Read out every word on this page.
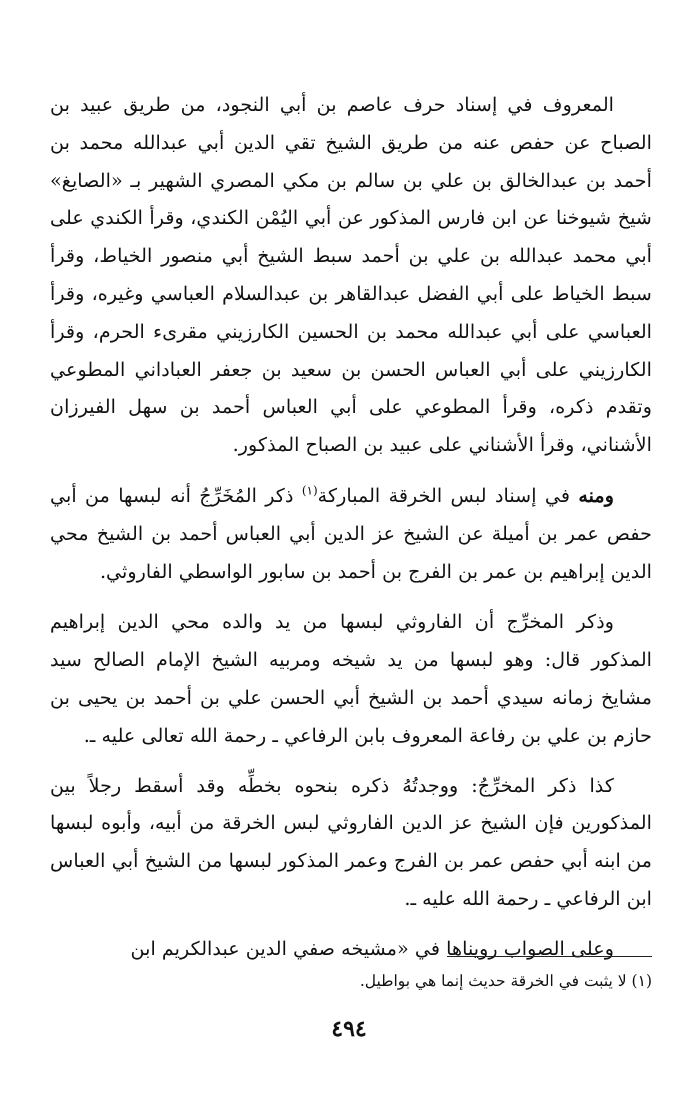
المعروف في إسناد حرف عاصم بن أبي النجود، من طريق عبيد بن الصباح عن حفص عنه من طريق الشيخ تقي الدين أبي عبدالله محمد بن أحمد بن عبدالخالق بن علي بن سالم بن مكي المصري الشهير بـ «الصايغ» شيخ شيوخنا عن ابن فارس المذكور عن أبي اليُمْن الكندي، وقرأ الكندي على أبي محمد عبدالله بن علي بن أحمد سبط الشيخ أبي منصور الخياط، وقرأ سبط الخياط على أبي الفضل عبدالقاهر بن عبدالسلام العباسي وغيره، وقرأ العباسي على أبي عبدالله محمد بن الحسين الكارزيني مقرىء الحرم، وقرأ الكارزيني على أبي العباس الحسن بن سعيد بن جعفر العباداني المطوعي وتقدم ذكره، وقرأ المطوعي على أبي العباس أحمد بن سهل الفيرزان الأشناني، وقرأ الأشناني على عبيد بن الصباح المذكور.

ومنه في إسناد لبس الخرقة المباركة$^{(١)}$ ذكر المُخَرِّجُ أنه لبسها من أبي حفص عمر بن أميلة عن الشيخ عز الدين أبي العباس أحمد بن الشيخ محي الدين إبراهيم بن عمر بن الفرج بن أحمد بن سابور الواسطي الفاروثي.

وذكر المخرِّج أن الفاروثي لبسها من يد والده محي الدين إبراهيم المذكور قال: وهو لبسها من يد شيخه ومربيه الشيخ الإمام الصالح سيد مشايخ زمانه سيدي أحمد بن الشيخ أبي الحسن علي بن أحمد بن يحيى بن حازم بن علي بن رفاعة المعروف بابن الرفاعي ـ رحمة الله تعالى عليه ـ.

كذا ذكر المخرِّجُ: ووجدتُهُ ذكره بنحوه بخطِّه وقد أسقط رجلاً بين المذكورين فإن الشيخ عز الدين الفاروثي لبس الخرقة من أبيه، وأبوه لبسها من ابنه أبي حفص عمر بن الفرج وعمر المذكور لبسها من الشيخ أبي العباس ابن الرفاعي ـ رحمة الله عليه ـ.

وعلى الصواب رويناها في «مشيخه صفي الدين عبدالكريم ابن

(١) لا يثبت في الخرقة حديث إنما هي بواطيل.

٤٩٤
